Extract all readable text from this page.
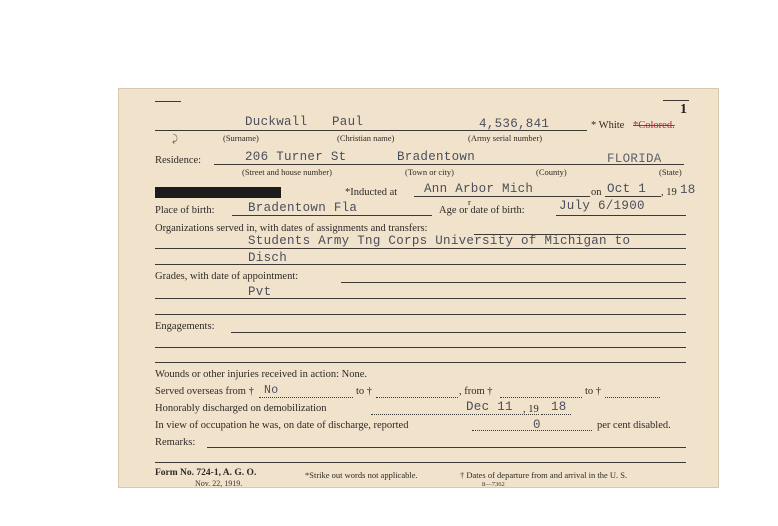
1
⤸
Duckwall Paul	4,536,841	* White *Colored.
(Surname)	(Christian name)	(Army serial number)
Residence:	206 Turner St	Bradentown	FLORIDA
(Street and house number)	(Town or city)	(County)	(State)
*Inducted at Ann Arbor Mich	on Oct 1 , 19 18
Place of birth:	Bradentown Fla	r
Age or date of birth:	July 6/1900
Organizations served in, with dates of assignments and transfers:
Students Army Tng Corps University of Michigan to
Disch
Grades, with date of appointment:
Pvt
Engagements:
Wounds or other injuries received in action: None.
Served overseas from † No	to †	, from †	to †
Honorably discharged on demobilization	Dec 11 , 19 18
In view of occupation he was, on date of discharge, reported	0	per cent disabled.
Remarks:
Form No. 724-1, A. G. O.
Nov. 22, 1919.
*Strike out words not applicable.	† Dates of departure from and arrival in the U. S.
8—7362
